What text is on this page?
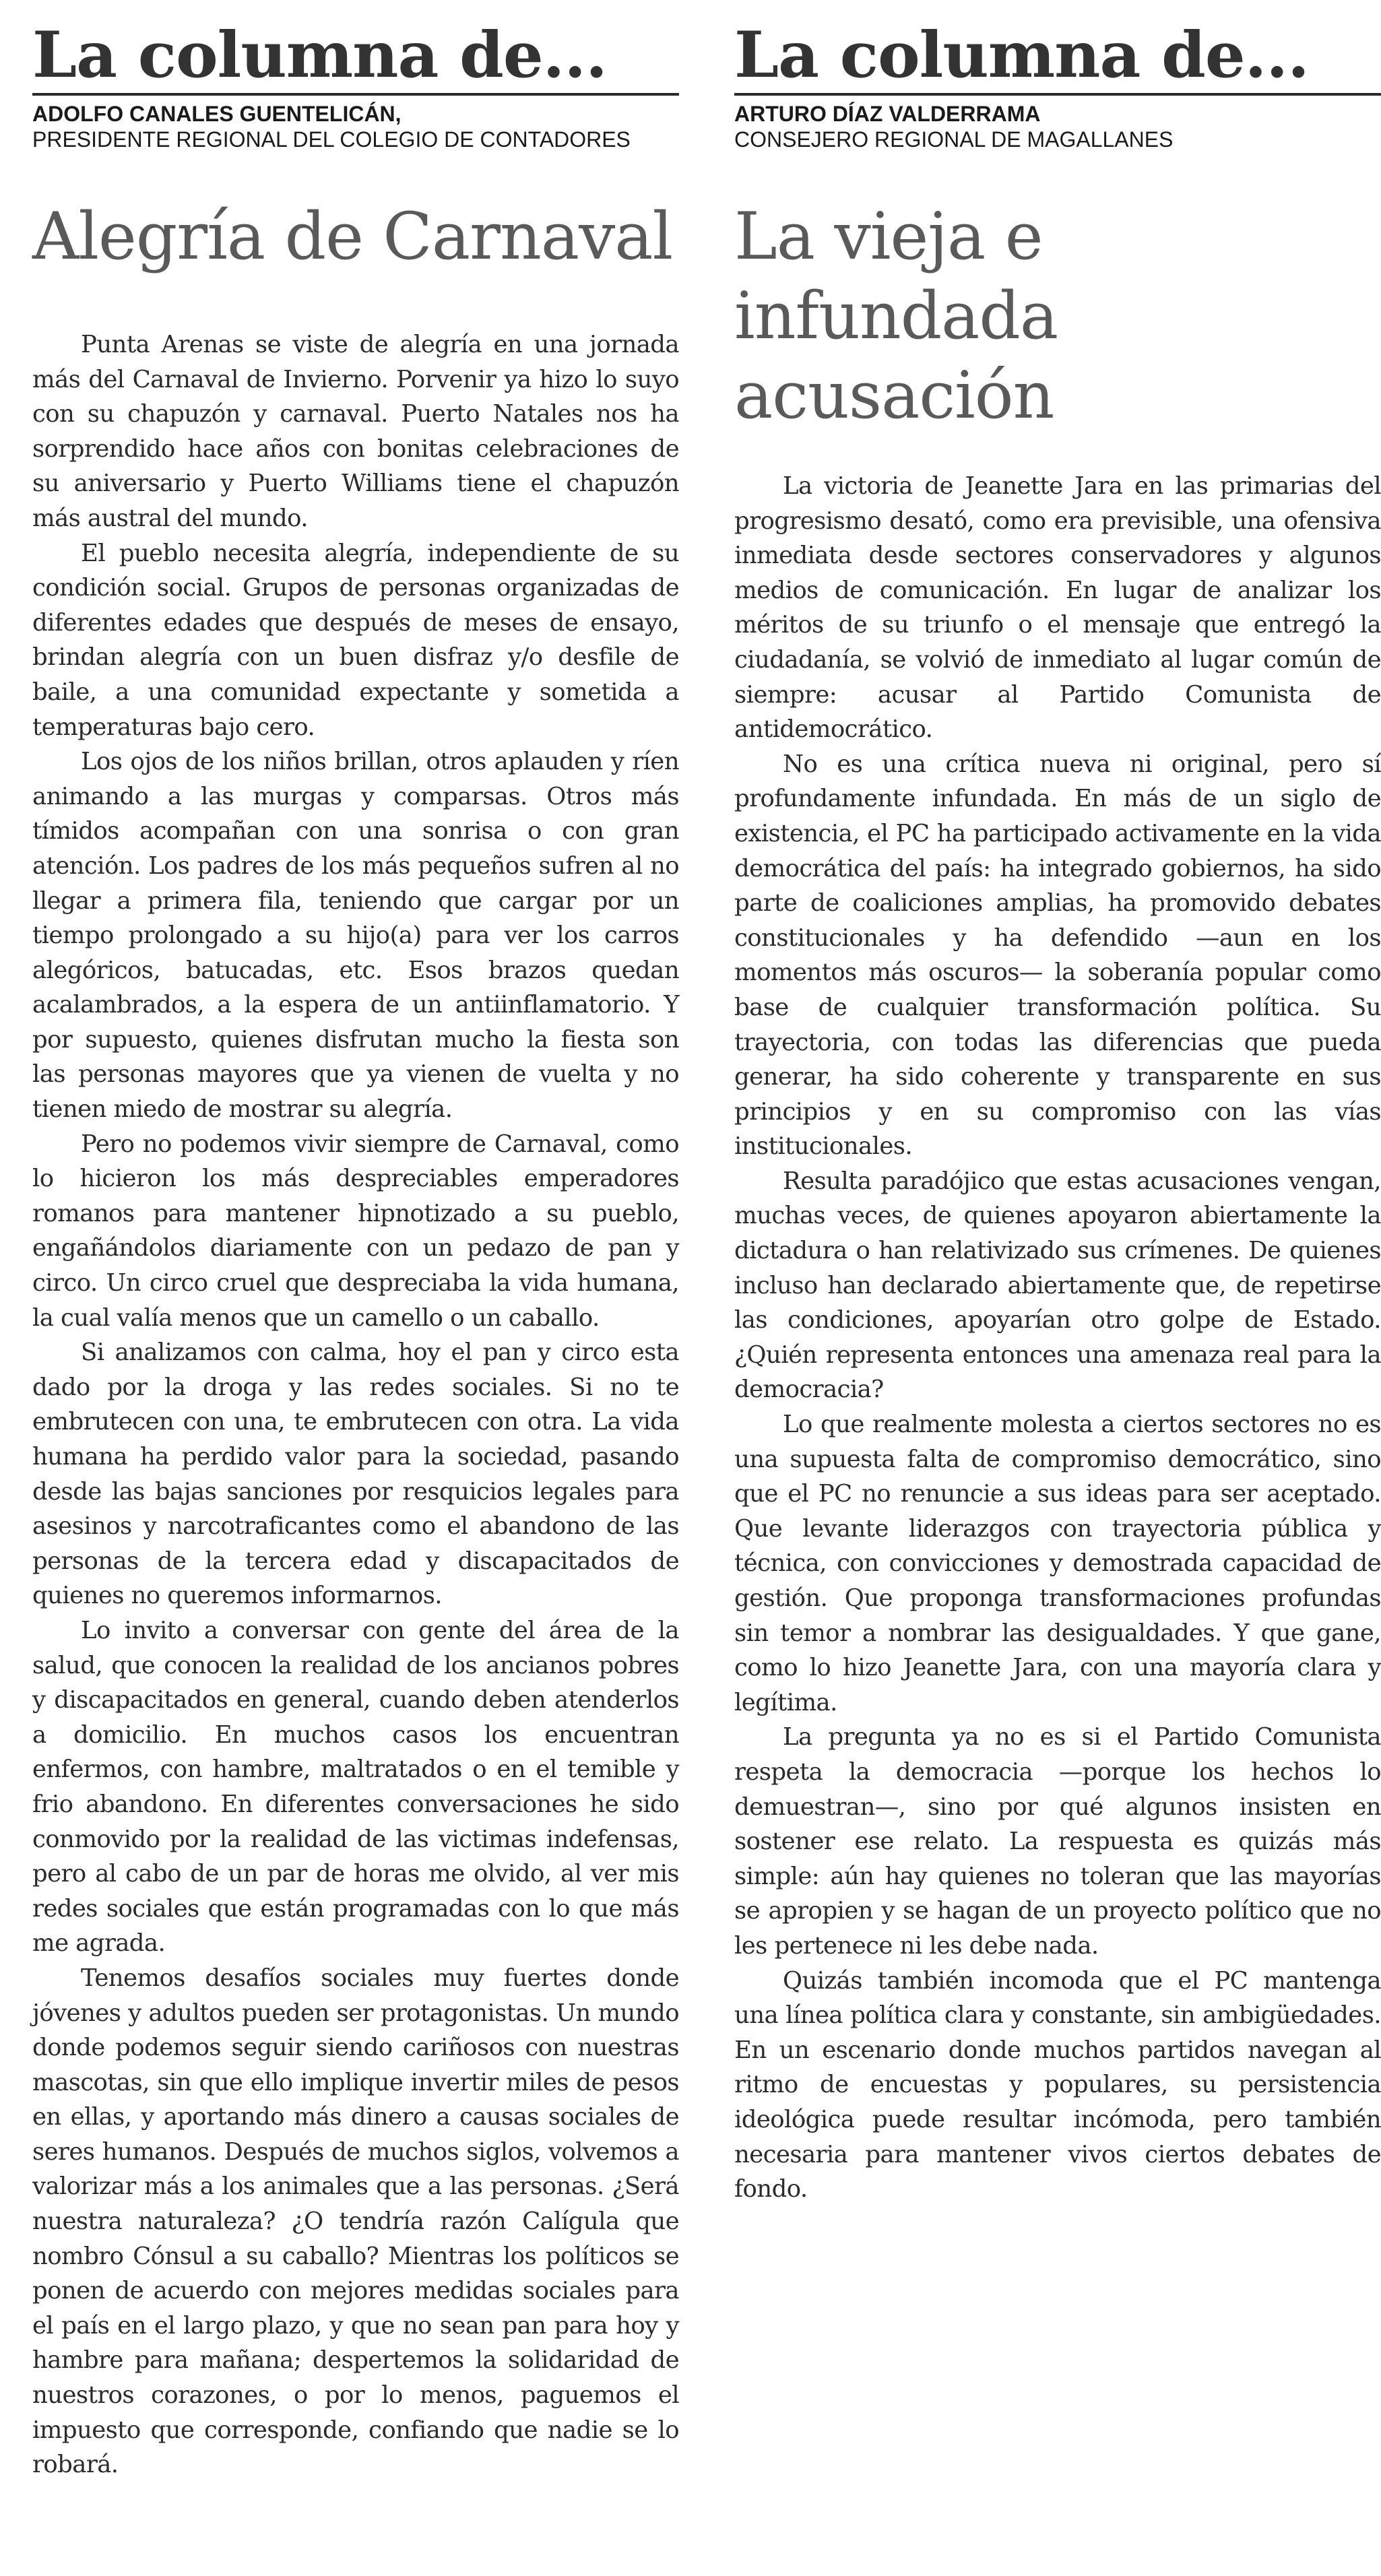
La columna de...
ADOLFO CANALES GUENTELICÁN,
PRESIDENTE REGIONAL DEL COLEGIO DE CONTADORES
Alegría de Carnaval

Punta Arenas se viste de alegría en una jornada más del Carnaval de Invierno. Porvenir ya hizo lo suyo con su chapuzón y carnaval. Puerto Natales nos ha sorprendido hace años con bonitas celebraciones de su aniversario y Puerto Williams tiene el chapuzón más austral del mundo.

El pueblo necesita alegría, independiente de su condición social. Grupos de personas organizadas de diferentes edades que después de meses de ensayo, brindan alegría con un buen disfraz y/o desfile de baile, a una comunidad expectante y sometida a temperaturas bajo cero.

Los ojos de los niños brillan, otros aplauden y ríen animando a las murgas y comparsas. Otros más tímidos acompañan con una sonrisa o con gran atención. Los padres de los más pequeños sufren al no llegar a primera fila, teniendo que cargar por un tiempo prolongado a su hijo(a) para ver los carros alegóricos, batucadas, etc. Esos brazos quedan acalambrados, a la espera de un antiinflamatorio. Y por supuesto, quienes disfrutan mucho la fiesta son las personas mayores que ya vienen de vuelta y no tienen miedo de mostrar su alegría.

Pero no podemos vivir siempre de Carnaval, como lo hicieron los más despreciables emperadores romanos para mantener hipnotizado a su pueblo, engañándolos diariamente con un pedazo de pan y circo. Un circo cruel que despreciaba la vida humana, la cual valía menos que un camello o un caballo.

Si analizamos con calma, hoy el pan y circo esta dado por la droga y las redes sociales. Si no te embrutecen con una, te embrutecen con otra. La vida humana ha perdido valor para la sociedad, pasando desde las bajas sanciones por resquicios legales para asesinos y narcotraficantes como el abandono de las personas de la tercera edad y discapacitados de quienes no queremos informarnos.

Lo invito a conversar con gente del área de la salud, que conocen la realidad de los ancianos pobres y discapacitados en general, cuando deben atenderlos a domicilio. En muchos casos los encuentran enfermos, con hambre, maltratados o en el temible y frio abandono. En diferentes conversaciones he sido conmovido por la realidad de las victimas indefensas, pero al cabo de un par de horas me olvido, al ver mis redes sociales que están programadas con lo que más me agrada.

Tenemos desafíos sociales muy fuertes donde jóvenes y adultos pueden ser protagonistas. Un mundo donde podemos seguir siendo cariñosos con nuestras mascotas, sin que ello implique invertir miles de pesos en ellas, y aportando más dinero a causas sociales de seres humanos. Después de muchos siglos, volvemos a valorizar más a los animales que a las personas. ¿Será nuestra naturaleza? ¿O tendría razón Calígula que nombro Cónsul a su caballo? Mientras los políticos se ponen de acuerdo con mejores medidas sociales para el país en el largo plazo, y que no sean pan para hoy y hambre para mañana; despertemos la solidaridad de nuestros corazones, o por lo menos, paguemos el impuesto que corresponde, confiando que nadie se lo robará.

La columna de...
ARTURO DÍAZ VALDERRAMA
CONSEJERO REGIONAL DE MAGALLANES
La vieja e infundada acusación

La victoria de Jeanette Jara en las primarias del progresismo desató, como era previsible, una ofensiva inmediata desde sectores conservadores y algunos medios de comunicación. En lugar de analizar los méritos de su triunfo o el mensaje que entregó la ciudadanía, se volvió de inmediato al lugar común de siempre: acusar al Partido Comunista de antidemocrático.

No es una crítica nueva ni original, pero sí profundamente infundada. En más de un siglo de existencia, el PC ha participado activamente en la vida democrática del país: ha integrado gobiernos, ha sido parte de coaliciones amplias, ha promovido debates constitucionales y ha defendido —aun en los momentos más oscuros— la soberanía popular como base de cualquier transformación política. Su trayectoria, con todas las diferencias que pueda generar, ha sido coherente y transparente en sus principios y en su compromiso con las vías institucionales.

Resulta paradójico que estas acusaciones vengan, muchas veces, de quienes apoyaron abiertamente la dictadura o han relativizado sus crímenes. De quienes incluso han declarado abiertamente que, de repetirse las condiciones, apoyarían otro golpe de Estado. ¿Quién representa entonces una amenaza real para la democracia?

Lo que realmente molesta a ciertos sectores no es una supuesta falta de compromiso democrático, sino que el PC no renuncie a sus ideas para ser aceptado. Que levante liderazgos con trayectoria pública y técnica, con convicciones y demostrada capacidad de gestión. Que proponga transformaciones profundas sin temor a nombrar las desigualdades. Y que gane, como lo hizo Jeanette Jara, con una mayoría clara y legítima.

La pregunta ya no es si el Partido Comunista respeta la democracia —porque los hechos lo demuestran—, sino por qué algunos insisten en sostener ese relato. La respuesta es quizás más simple: aún hay quienes no toleran que las mayorías se apropien y se hagan de un proyecto político que no les pertenece ni les debe nada.

Quizás también incomoda que el PC mantenga una línea política clara y constante, sin ambigüedades. En un escenario donde muchos partidos navegan al ritmo de encuestas y populares, su persistencia ideológica puede resultar incómoda, pero también necesaria para mantener vivos ciertos debates de fondo.
